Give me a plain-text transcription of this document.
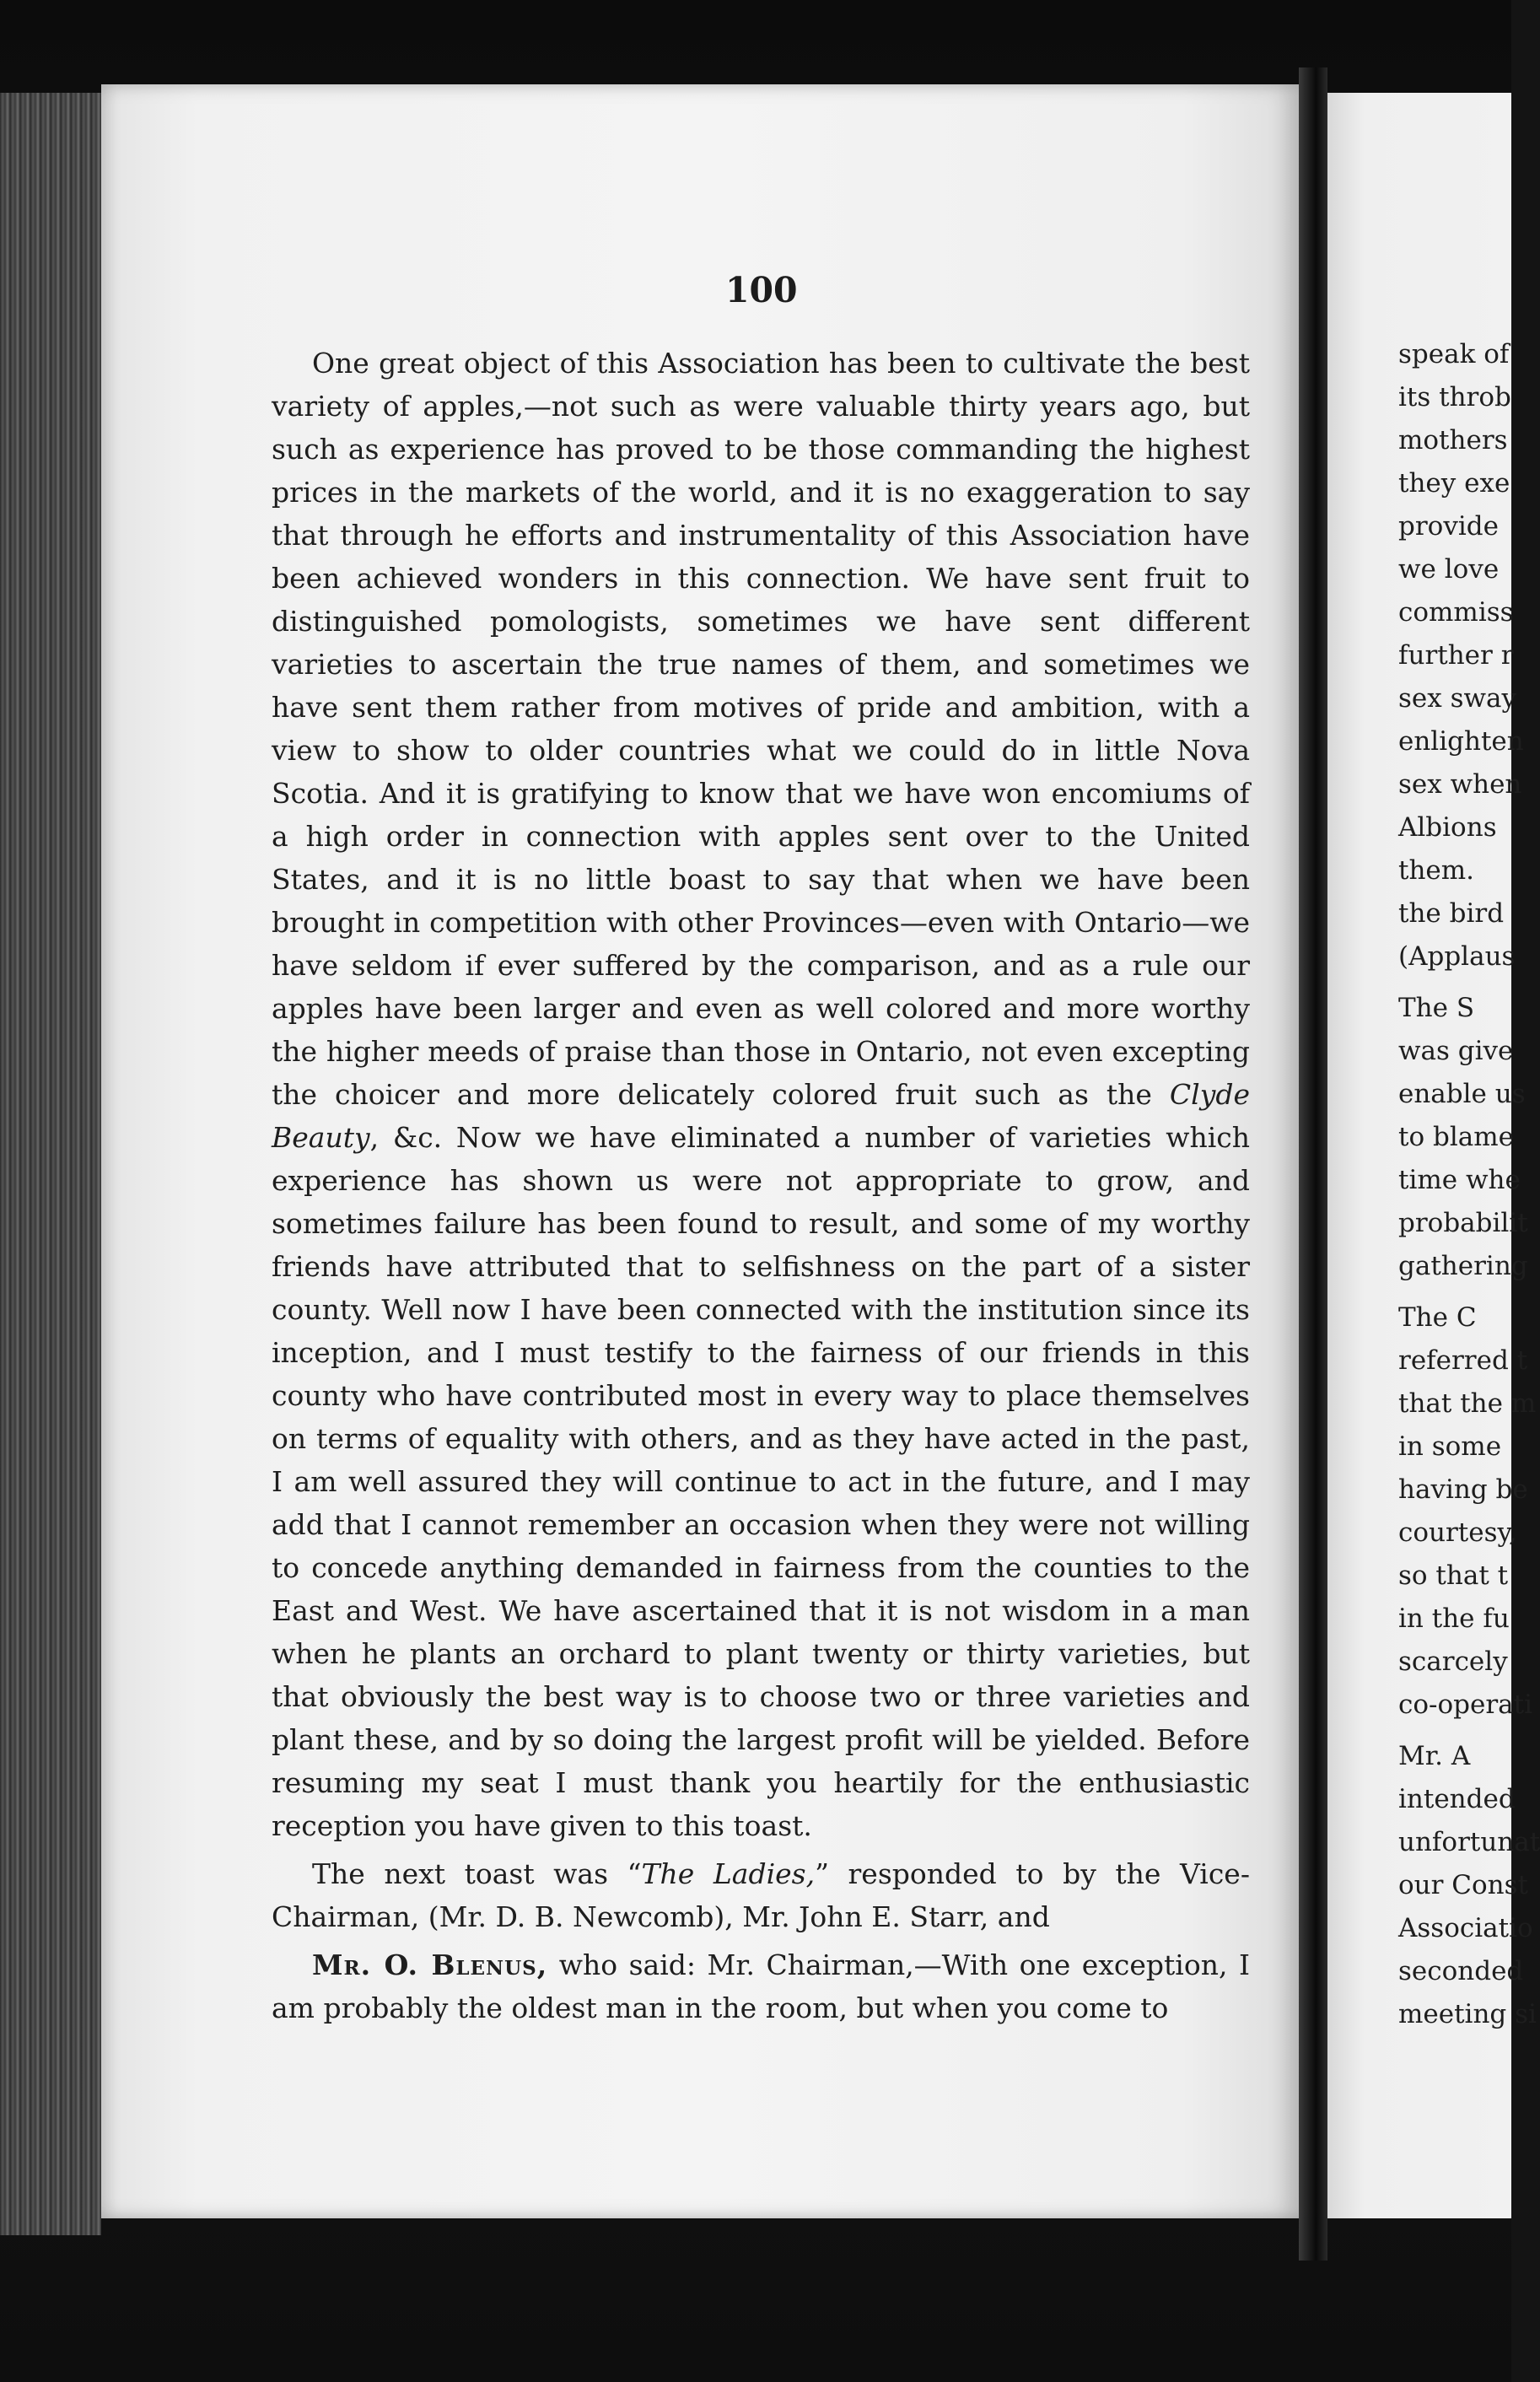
100

One great object of this Association has been to cultivate the best variety of apples,—not such as were valuable thirty years ago, but such as experience has proved to be those commanding the highest prices in the markets of the world, and it is no exaggeration to say that through he efforts and instrumentality of this Association have been achieved wonders in this connection. We have sent fruit to distinguished pomologists, sometimes we have sent different varieties to ascertain the true names of them, and sometimes we have sent them rather from motives of pride and ambition, with a view to show to older countries what we could do in little Nova Scotia. And it is gratifying to know that we have won encomiums of a high order in connection with apples sent over to the United States, and it is no little boast to say that when we have been brought in competition with other Provinces—even with Ontario—we have seldom if ever suffered by the comparison, and as a rule our apples have been larger and even as well colored and more worthy the higher meeds of praise than those in Ontario, not even excepting the choicer and more delicately colored fruit such as the Clyde Beauty, &c. Now we have eliminated a number of varieties which experience has shown us were not appropriate to grow, and sometimes failure has been found to result, and some of my worthy friends have attributed that to selfishness on the part of a sister county. Well now I have been connected with the institution since its inception, and I must testify to the fairness of our friends in this county who have contributed most in every way to place themselves on terms of equality with others, and as they have acted in the past, I am well assured they will continue to act in the future, and I may add that I cannot remember an occasion when they were not willing to concede anything demanded in fairness from the counties to the East and West. We have ascertained that it is not wisdom in a man when he plants an orchard to plant twenty or thirty varieties, but that obviously the best way is to choose two or three varieties and plant these, and by so doing the largest profit will be yielded. Before resuming my seat I must thank you heartily for the enthusiastic reception you have given to this toast.

The next toast was “The Ladies,” responded to by the Vice-Chairman, (Mr. D. B. Newcomb), Mr. John E. Starr, and

Mr. O. Blenus, who said: Mr. Chairman,—With one exception, I am probably the oldest man in the room, but when you come to

speak of
its throb
mothers
they exe
provide
we love
commiss
further r
sex sway
enlighten
sex when
Albions
them.
the bird
(Applaus
The S
was give
enable us
to blame
time whe
probabilit
gathering
The C
referred t
that the m
in some
having be
courtesy,
so that t
in the fu
scarcely
co-operati
Mr. A
intended
unfortunat
our Const
Associatio
seconded
meeting si
